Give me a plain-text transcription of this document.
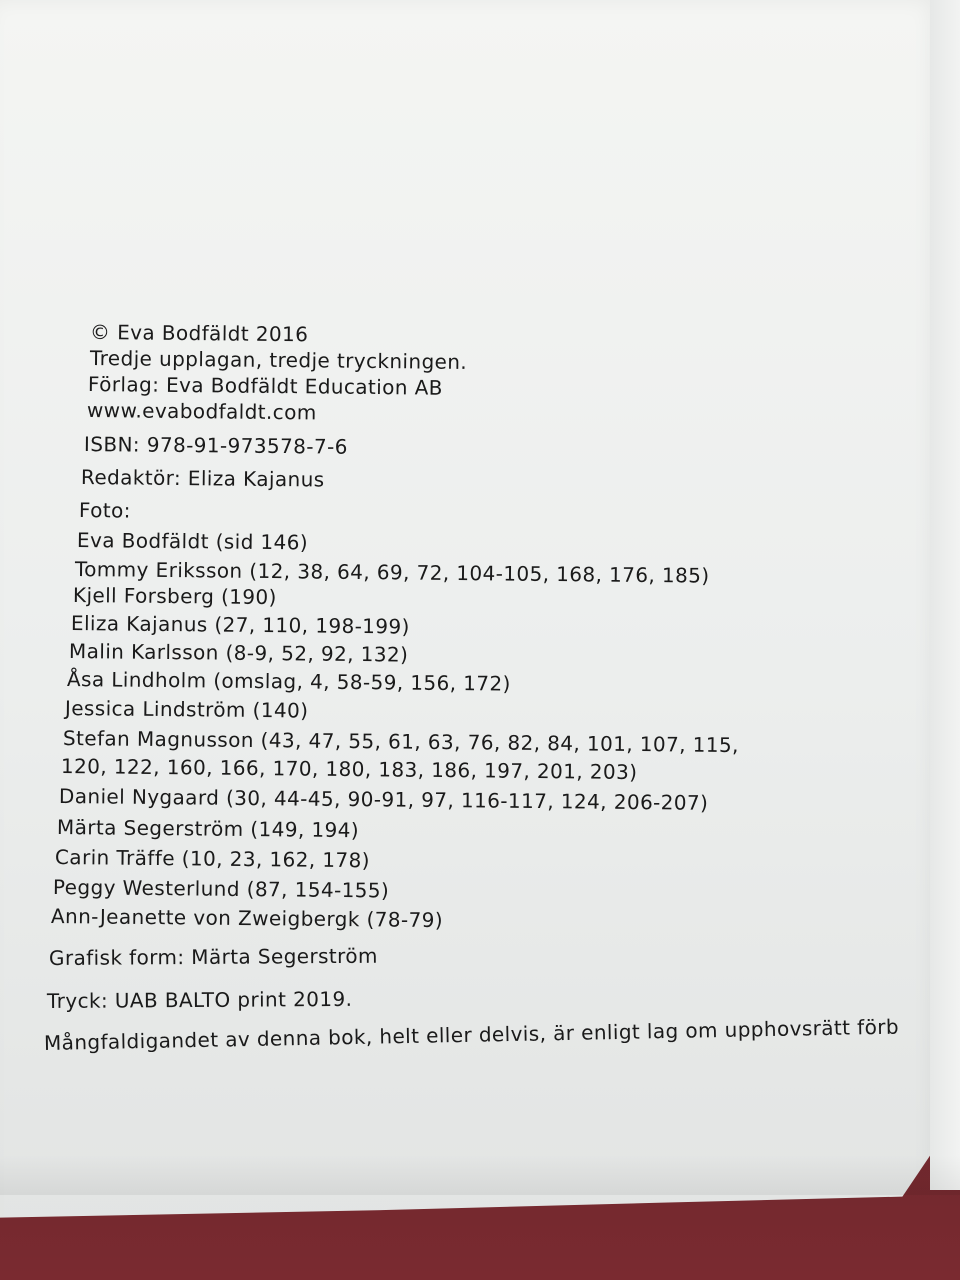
© Eva Bodfäldt 2016
Tredje upplagan, tredje tryckningen.
Förlag: Eva Bodfäldt Education AB
www.evabodfaldt.com
ISBN: 978-91-973578-7-6
Redaktör: Eliza Kajanus
Foto:
Eva Bodfäldt (sid 146)
Tommy Eriksson (12, 38, 64, 69, 72, 104-105, 168, 176, 185)
Kjell Forsberg (190)
Eliza Kajanus (27, 110, 198-199)
Malin Karlsson (8-9, 52, 92, 132)
Åsa Lindholm (omslag, 4, 58-59, 156, 172)
Jessica Lindström (140)
Stefan Magnusson (43, 47, 55, 61, 63, 76, 82, 84, 101, 107, 115,
120, 122, 160, 166, 170, 180, 183, 186, 197, 201, 203)
Daniel Nygaard (30, 44-45, 90-91, 97, 116-117, 124, 206-207)
Märta Segerström (149, 194)
Carin Träffe (10, 23, 162, 178)
Peggy Westerlund (87, 154-155)
Ann-Jeanette von Zweigbergk (78-79)
Grafisk form: Märta Segerström
Tryck: UAB BALTO print 2019.
Mångfaldigandet av denna bok, helt eller delvis, är enligt lag om upphovsrätt förb
